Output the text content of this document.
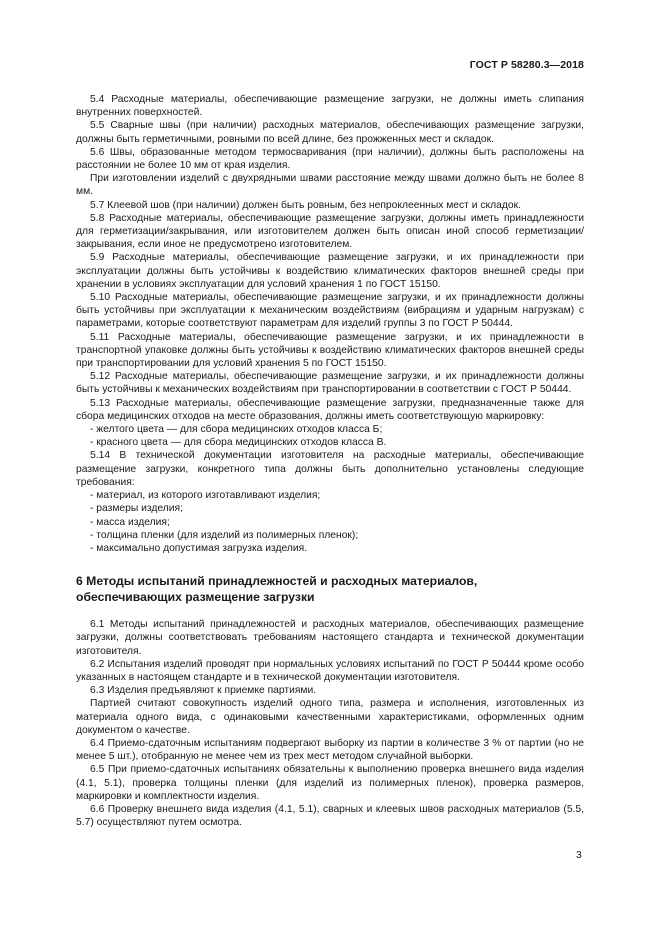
ГОСТ Р 58280.3—2018

5.4 Расходные материалы, обеспечивающие размещение загрузки, не должны иметь слипания внутренних поверхностей.

5.5 Сварные швы (при наличии) расходных материалов, обеспечивающих размещение загрузки, должны быть герметичными, ровными по всей длине, без прожженных мест и складок.

5.6 Швы, образованные методом термосваривания (при наличии), должны быть расположены на расстоянии не более 10 мм от края изделия.

При изготовлении изделий с двухрядными швами расстояние между швами должно быть не более 8 мм.

5.7 Клеевой шов (при наличии) должен быть ровным, без непроклеенных мест и складок.

5.8 Расходные материалы, обеспечивающие размещение загрузки, должны иметь принадлежности для герметизации/закрывания, или изготовителем должен быть описан иной способ герметизации/закрывания, если иное не предусмотрено изготовителем.

5.9 Расходные материалы, обеспечивающие размещение загрузки, и их принадлежности при эксплуатации должны быть устойчивы к воздействию климатических факторов внешней среды при хранении в условиях эксплуатации для условий хранения 1 по ГОСТ 15150.

5.10 Расходные материалы, обеспечивающие размещение загрузки, и их принадлежности должны быть устойчивы при эксплуатации к механическим воздействиям (вибрациям и ударным нагрузкам) с параметрами, которые соответствуют параметрам для изделий группы 3 по ГОСТ Р 50444.

5.11 Расходные материалы, обеспечивающие размещение загрузки, и их принадлежности в транспортной упаковке должны быть устойчивы к воздействию климатических факторов внешней среды при транспортировании для условий хранения 5 по ГОСТ 15150.

5.12 Расходные материалы, обеспечивающие размещение загрузки, и их принадлежности должны быть устойчивы к механических воздействиям при транспортировании в соответствии с ГОСТ Р 50444.

5.13 Расходные материалы, обеспечивающие размещение загрузки, предназначенные также для сбора медицинских отходов на месте образования, должны иметь соответствующую маркировку:

- желтого цвета — для сбора медицинских отходов класса Б;

- красного цвета — для сбора медицинских отходов класса В.

5.14 В технической документации изготовителя на расходные материалы, обеспечивающие размещение загрузки, конкретного типа должны быть дополнительно установлены следующие требования:

- материал, из которого изготавливают изделия;

- размеры изделия;

- масса изделия;

- толщина пленки (для изделий из полимерных пленок);

- максимально допустимая загрузка изделия.

6 Методы испытаний принадлежностей и расходных материалов, обеспечивающих размещение загрузки

6.1 Методы испытаний принадлежностей и расходных материалов, обеспечивающих размещение загрузки, должны соответствовать требованиям настоящего стандарта и технической документации изготовителя.

6.2 Испытания изделий проводят при нормальных условиях испытаний по ГОСТ Р 50444 кроме особо указанных в настоящем стандарте и в технической документации изготовителя.

6.3 Изделия предъявляют к приемке партиями.

Партией считают совокупность изделий одного типа, размера и исполнения, изготовленных из материала одного вида, с одинаковыми качественными характеристиками, оформленных одним документом о качестве.

6.4 Приемо-сдаточным испытаниям подвергают выборку из партии в количестве 3 % от партии (но не менее 5 шт.), отобранную не менее чем из трех мест методом случайной выборки.

6.5 При приемо-сдаточных испытаниях обязательны к выполнению проверка внешнего вида изделия (4.1, 5.1), проверка толщины пленки (для изделий из полимерных пленок), проверка размеров, маркировки и комплектности изделия.

6.6 Проверку внешнего вида изделия (4.1, 5.1), сварных и клеевых швов расходных материалов (5.5, 5.7) осуществляют путем осмотра.

3
